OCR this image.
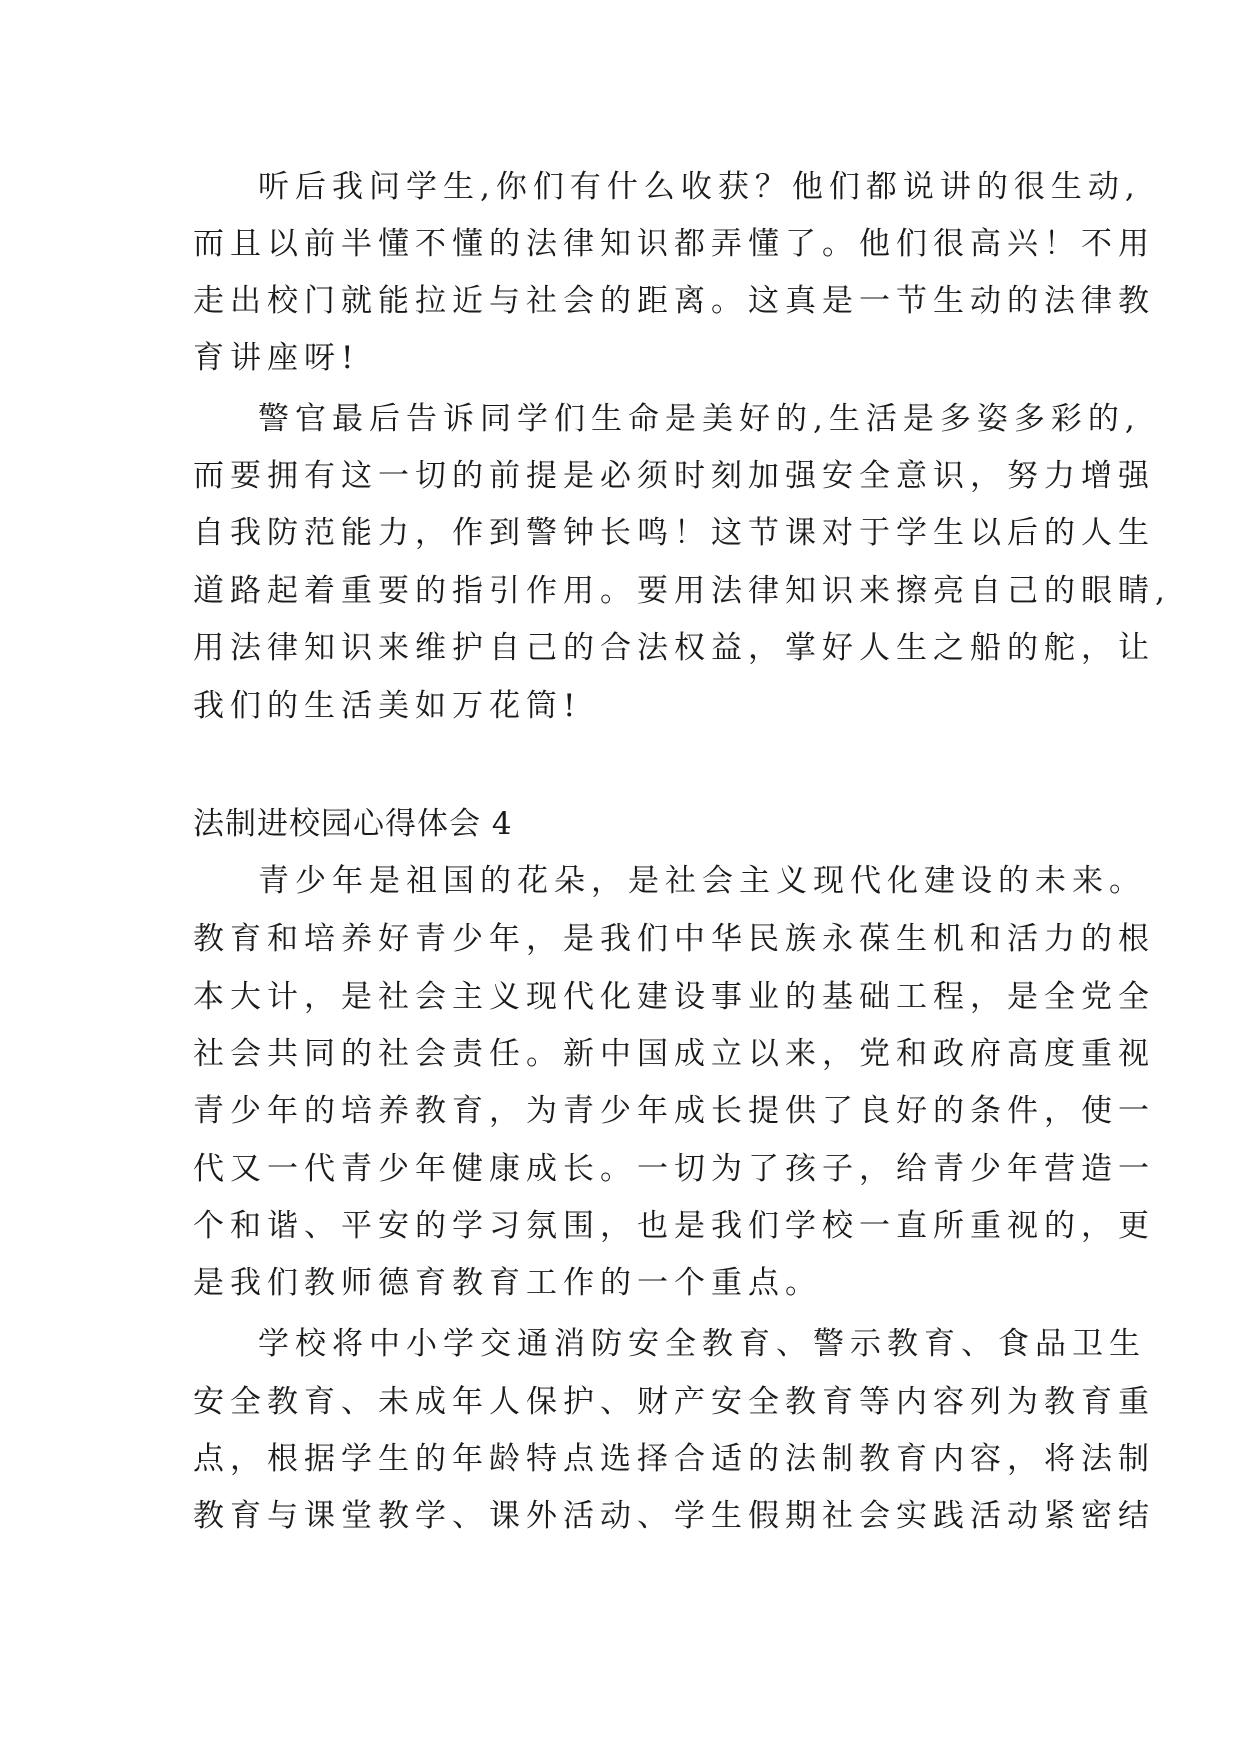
听后我问学生,你们有什么收获？他们都说讲的很生动,
而且以前半懂不懂的法律知识都弄懂了。他们很高兴！不用
走出校门就能拉近与社会的距离。这真是一节生动的法律教
育讲座呀!
警官最后告诉同学们生命是美好的,生活是多姿多彩的,
而要拥有这一切的前提是必须时刻加强安全意识，努力增强
自我防范能力，作到警钟长鸣！这节课对于学生以后的人生
道路起着重要的指引作用。要用法律知识来擦亮自己的眼睛,
用法律知识来维护自己的合法权益，掌好人生之船的舵，让
我们的生活美如万花筒!
法制进校园心得体会 4
青少年是祖国的花朵，是社会主义现代化建设的未来。
教育和培养好青少年，是我们中华民族永葆生机和活力的根
本大计，是社会主义现代化建设事业的基础工程，是全党全
社会共同的社会责任。新中国成立以来，党和政府高度重视
青少年的培养教育，为青少年成长提供了良好的条件，使一
代又一代青少年健康成长。一切为了孩子，给青少年营造一
个和谐、平安的学习氛围，也是我们学校一直所重视的，更
是我们教师德育教育工作的一个重点。
学校将中小学交通消防安全教育、警示教育、食品卫生
安全教育、未成年人保护、财产安全教育等内容列为教育重
点，根据学生的年龄特点选择合适的法制教育内容，将法制
教育与课堂教学、课外活动、学生假期社会实践活动紧密结
